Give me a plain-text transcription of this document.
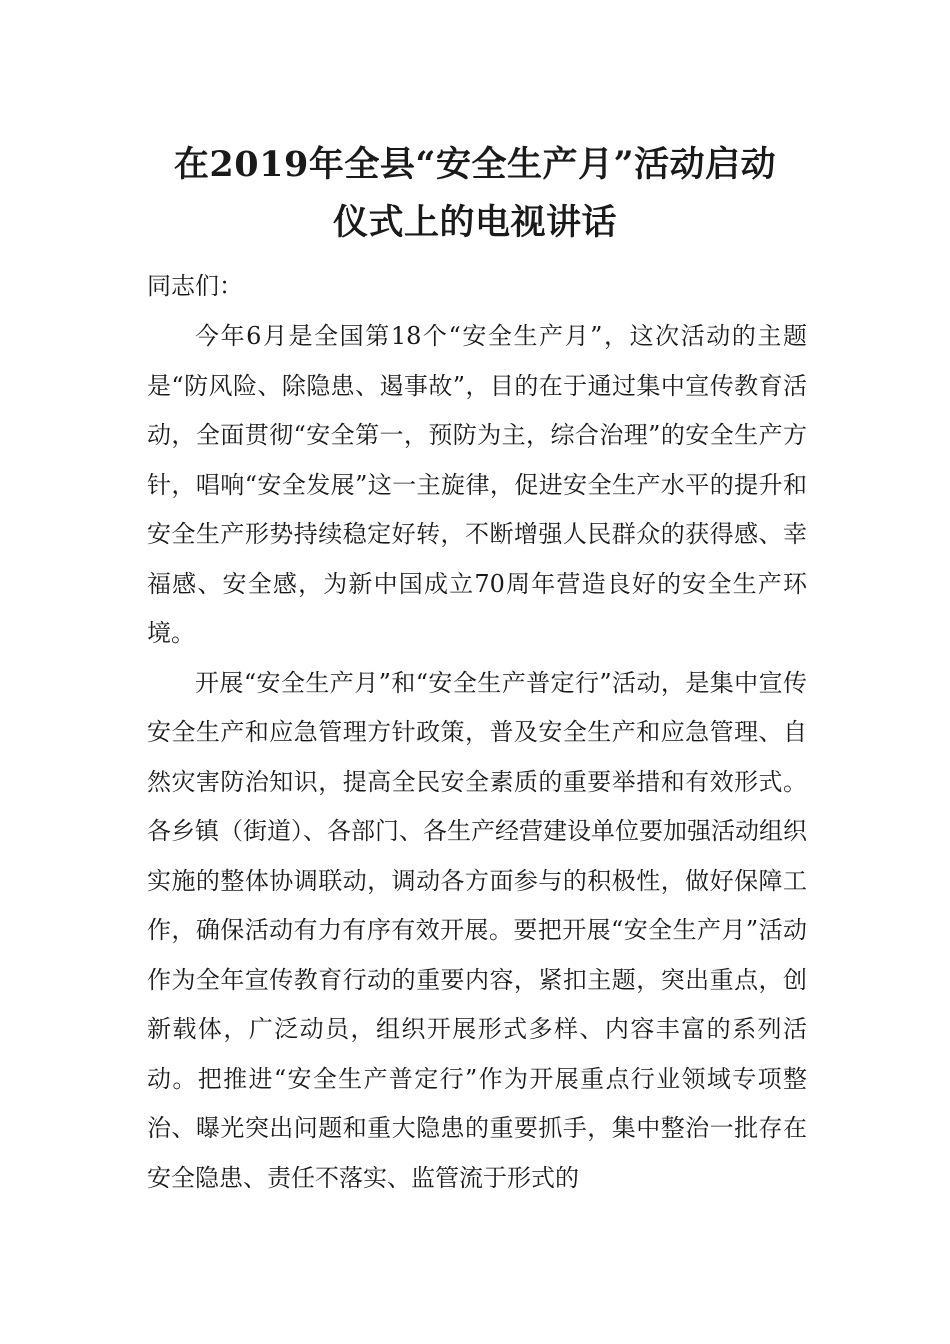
在2019年全县“安全生产月”活动启动
仪式上的电视讲话
同志们：

今年6月是全国第18个“安全生产月”，这次活动的主题是“防风险、除隐患、遏事故”，目的在于通过集中宣传教育活动，全面贯彻“安全第一，预防为主，综合治理”的安全生产方针，唱响“安全发展”这一主旋律，促进安全生产水平的提升和安全生产形势持续稳定好转，不断增强人民群众的获得感、幸福感、安全感，为新中国成立70周年营造良好的安全生产环境。

开展“安全生产月”和“安全生产普定行”活动，是集中宣传安全生产和应急管理方针政策，普及安全生产和应急管理、自然灾害防治知识，提高全民安全素质的重要举措和有效形式。各乡镇（街道）、各部门、各生产经营建设单位要加强活动组织实施的整体协调联动，调动各方面参与的积极性，做好保障工作，确保活动有力有序有效开展。要把开展“安全生产月”活动作为全年宣传教育行动的重要内容，紧扣主题，突出重点，创新载体，广泛动员，组织开展形式多样、内容丰富的系列活动。把推进“安全生产普定行”作为开展重点行业领域专项整治、曝光突出问题和重大隐患的重要抓手，集中整治一批存在安全隐患、责任不落实、监管流于形式的
